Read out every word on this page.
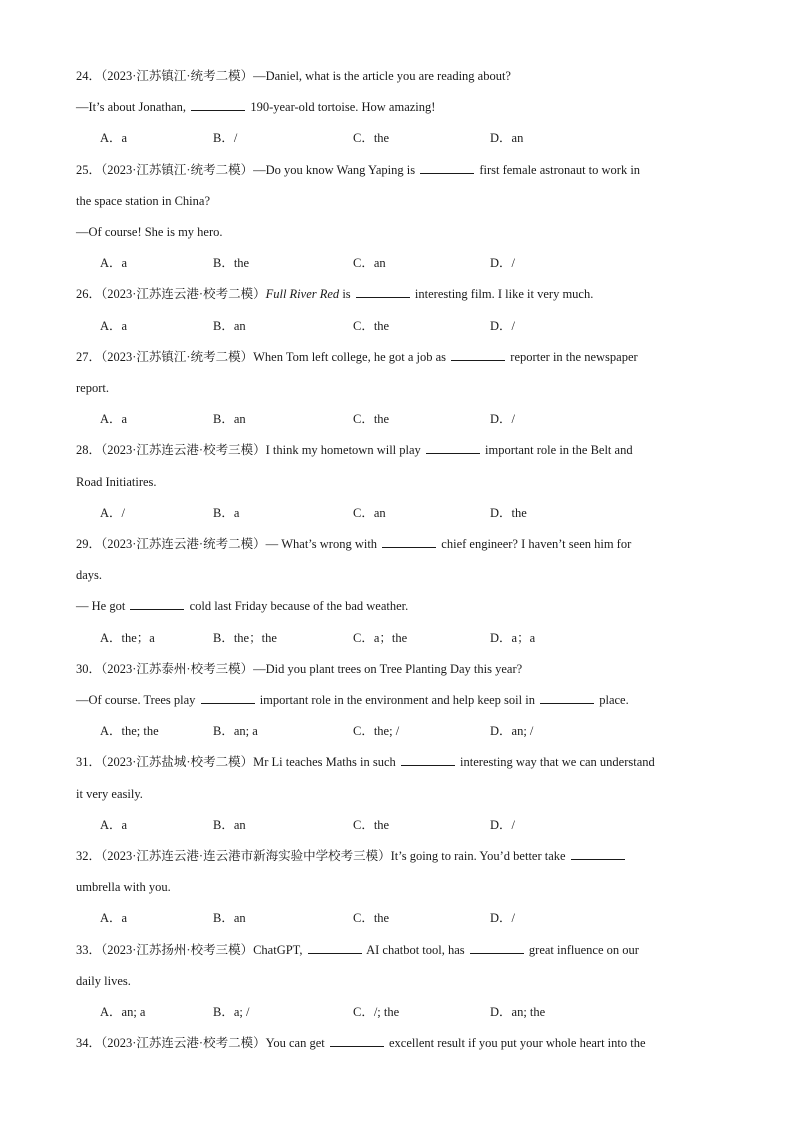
24．（2023·江苏镇江·统考二模）—Daniel, what is the article you are reading about?
—It’s about Jonathan,	190-year-old tortoise. How amazing!
A．a	B．/	C．the	D．an
25．（2023·江苏镇江·统考二模）—Do you know Wang Yaping is	first female astronaut to work in
the space station in China?
—Of course! She is my hero.
A．a	B．the	C．an	D．/
26．（2023·江苏连云港·校考二模）Full River Red is	interesting film. I like it very much.
A．a	B．an	C．the	D．/
27．（2023·江苏镇江·统考二模）When Tom left college, he got a job as	reporter in the newspaper
report.
A．a	B．an	C．the	D．/
28．（2023·江苏连云港·校考三模）I think my hometown will play	important role in the Belt and
Road Initiatires.
A．/	B．a	C．an	D．the
29．（2023·江苏连云港·统考二模）— What’s wrong with	chief engineer? I haven’t seen him for
days.
— He got	cold last Friday because of the bad weather.
A．the；a	B．the；the	C．a；the	D．a；a
30．（2023·江苏泰州·校考三模）—Did you plant trees on Tree Planting Day this year?
—Of course. Trees play	important role in the environment and help keep soil in	place.
A．the; the	B．an; a	C．the; /	D．an; /
31．（2023·江苏盐城·校考二模）Mr Li teaches Maths in such	interesting way that we can understand
it very easily.
A．a	B．an	C．the	D．/
32．（2023·江苏连云港·连云港市新海实验中学校考三模）It’s going to rain. You’d better take
umbrella with you.
A．a	B．an	C．the	D．/
33．（2023·江苏扬州·校考三模）ChatGPT,	AI chatbot tool, has	great influence on our
daily lives.
A．an; a	B．a; /	C．/; the	D．an; the
34．（2023·江苏连云港·校考二模）You can get	excellent result if you put your whole heart into the
